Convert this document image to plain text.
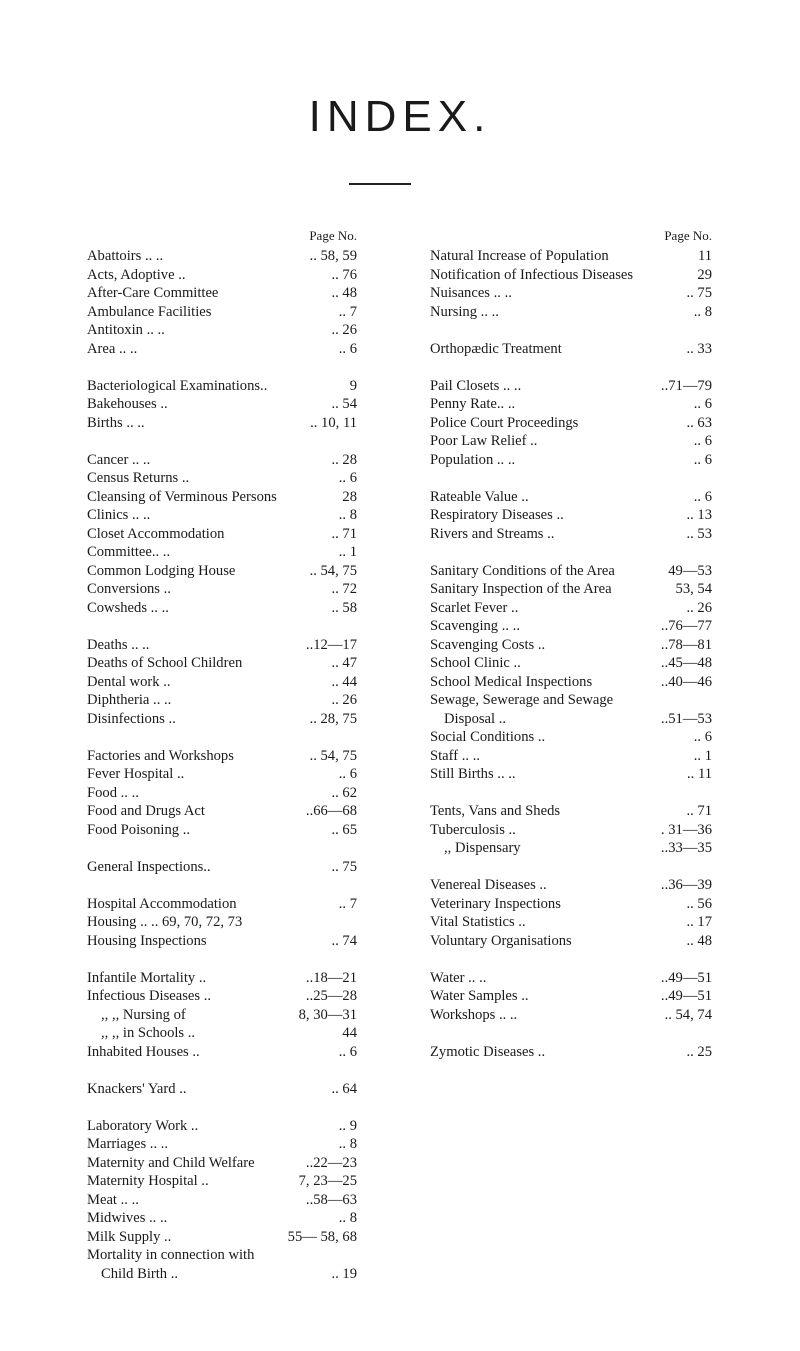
INDEX.
Page No.
Abattoirs .. ..	.. 58, 59
Acts, Adoptive ..	.. 76
After-Care Committee	.. 48
Ambulance Facilities	.. 7
Antitoxin .. ..	.. 26
Area .. ..	.. 6
Bacteriological Examinations..	9
Bakehouses ..	.. 54
Births .. ..	.. 10, 11
Cancer .. ..	.. 28
Census Returns ..	.. 6
Cleansing of Verminous Persons	28
Clinics .. ..	.. 8
Closet Accommodation	.. 71
Committee.. ..	.. 1
Common Lodging House	.. 54, 75
Conversions ..	.. 72
Cowsheds .. ..	.. 58
Deaths .. ..	..12—17
Deaths of School Children	.. 47
Dental work ..	.. 44
Diphtheria .. ..	.. 26
Disinfections ..	.. 28, 75
Factories and Workshops	.. 54, 75
Fever Hospital ..	.. 6
Food .. ..	.. 62
Food and Drugs Act	..66—68
Food Poisoning ..	.. 65
General Inspections..	.. 75
Hospital Accommodation	.. 7
Housing .. .. 69, 70, 72, 73
Housing Inspections	.. 74
Infantile Mortality ..	..18—21
Infectious Diseases ..	..25—28
,, ,, Nursing of	8, 30—31
,, ,, in Schools ..	44
Inhabited Houses ..	.. 6
Knackers' Yard ..	.. 64
Laboratory Work ..	.. 9
Marriages .. ..	.. 8
Maternity and Child Welfare	..22—23
Maternity Hospital ..	7, 23—25
Meat .. ..	..58—63
Midwives .. ..	.. 8
Milk Supply ..	55— 58, 68
Mortality in connection with
Child Birth ..	.. 19
Page No.
Natural Increase of Population	11
Notification of Infectious Diseases	29
Nuisances .. ..	.. 75
Nursing .. ..	.. 8
Orthopædic Treatment	.. 33
Pail Closets .. ..	..71—79
Penny Rate.. ..	.. 6
Police Court Proceedings	.. 63
Poor Law Relief ..	.. 6
Population .. ..	.. 6
Rateable Value ..	.. 6
Respiratory Diseases ..	.. 13
Rivers and Streams ..	.. 53
Sanitary Conditions of the Area	49—53
Sanitary Inspection of the Area	53, 54
Scarlet Fever ..	.. 26
Scavenging .. ..	..76—77
Scavenging Costs ..	..78—81
School Clinic ..	..45—48
School Medical Inspections	..40—46
Sewage, Sewerage and Sewage
Disposal ..	..51—53
Social Conditions ..	.. 6
Staff .. ..	.. 1
Still Births .. ..	.. 11
Tents, Vans and Sheds	.. 71
Tuberculosis ..	. 31—36
,, Dispensary	..33—35
Venereal Diseases ..	..36—39
Veterinary Inspections	.. 56
Vital Statistics ..	.. 17
Voluntary Organisations	.. 48
Water .. ..	..49—51
Water Samples ..	..49—51
Workshops .. ..	.. 54, 74
Zymotic Diseases ..	.. 25
